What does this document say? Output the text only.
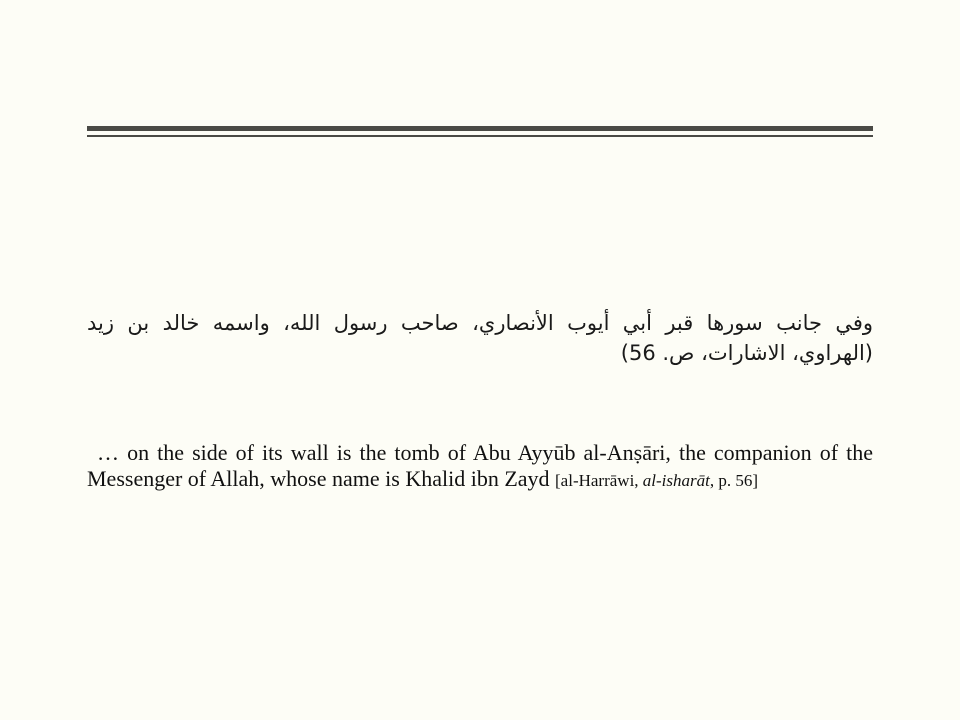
وفي جانب سورها قبر أبي أيوب الأنصاري، صاحب رسول الله، واسمه خالد بن زيد (الهراوي، الاشارات، ص. 56)
… on the side of its wall is the tomb of Abu Ayyūb al-Anṣāri, the companion of the Messenger of Allah, whose name is Khalid ibn Zayd [al-Harrāwi, al-isharāt, p. 56]
